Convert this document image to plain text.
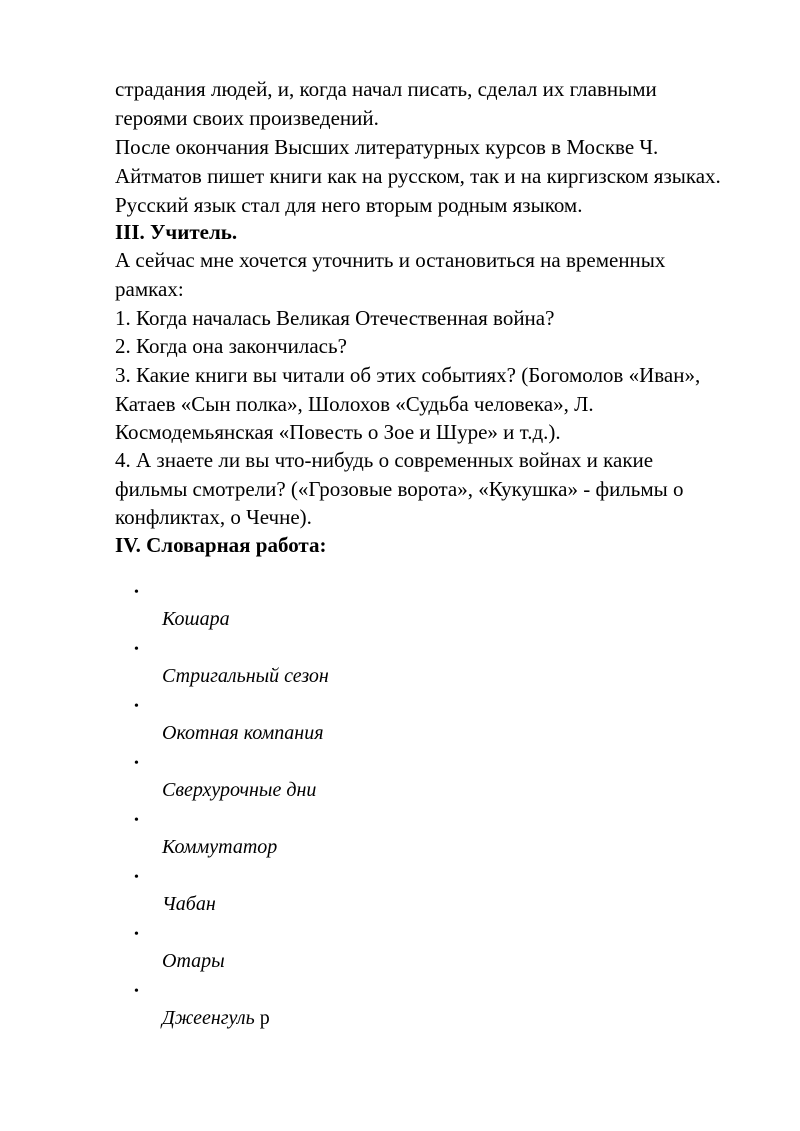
страдания людей, и, когда начал писать, сделал их главными
героями своих произведений.
После окончания Высших литературных курсов в Москве Ч.
Айтматов пишет книги как на русском, так и на киргизском языках.
Русский язык стал для него вторым родным языком.
III. Учитель.
А сейчас мне хочется уточнить и остановиться на временных
рамках:
1. Когда началась Великая Отечественная война?
2. Когда она закончилась?
3. Какие книги вы читали об этих событиях? (Богомолов «Иван»,
Катаев «Сын полка», Шолохов «Судьба человека», Л.
Космодемьянская «Повесть о Зое и Шуре» и т.д.).
4. А знаете ли вы что-нибудь о современных войнах и какие
фильмы смотрели? («Грозовые ворота», «Кукушка» - фильмы о
конфликтах, о Чечне).
IV. Словарная работа:
•
Кошара
•
Стригальный сезон
•
Окотная компания
•
Сверхурочные дни
•
Коммутатор
•
Чабан
•
Отары
•
Джеенгуль р
